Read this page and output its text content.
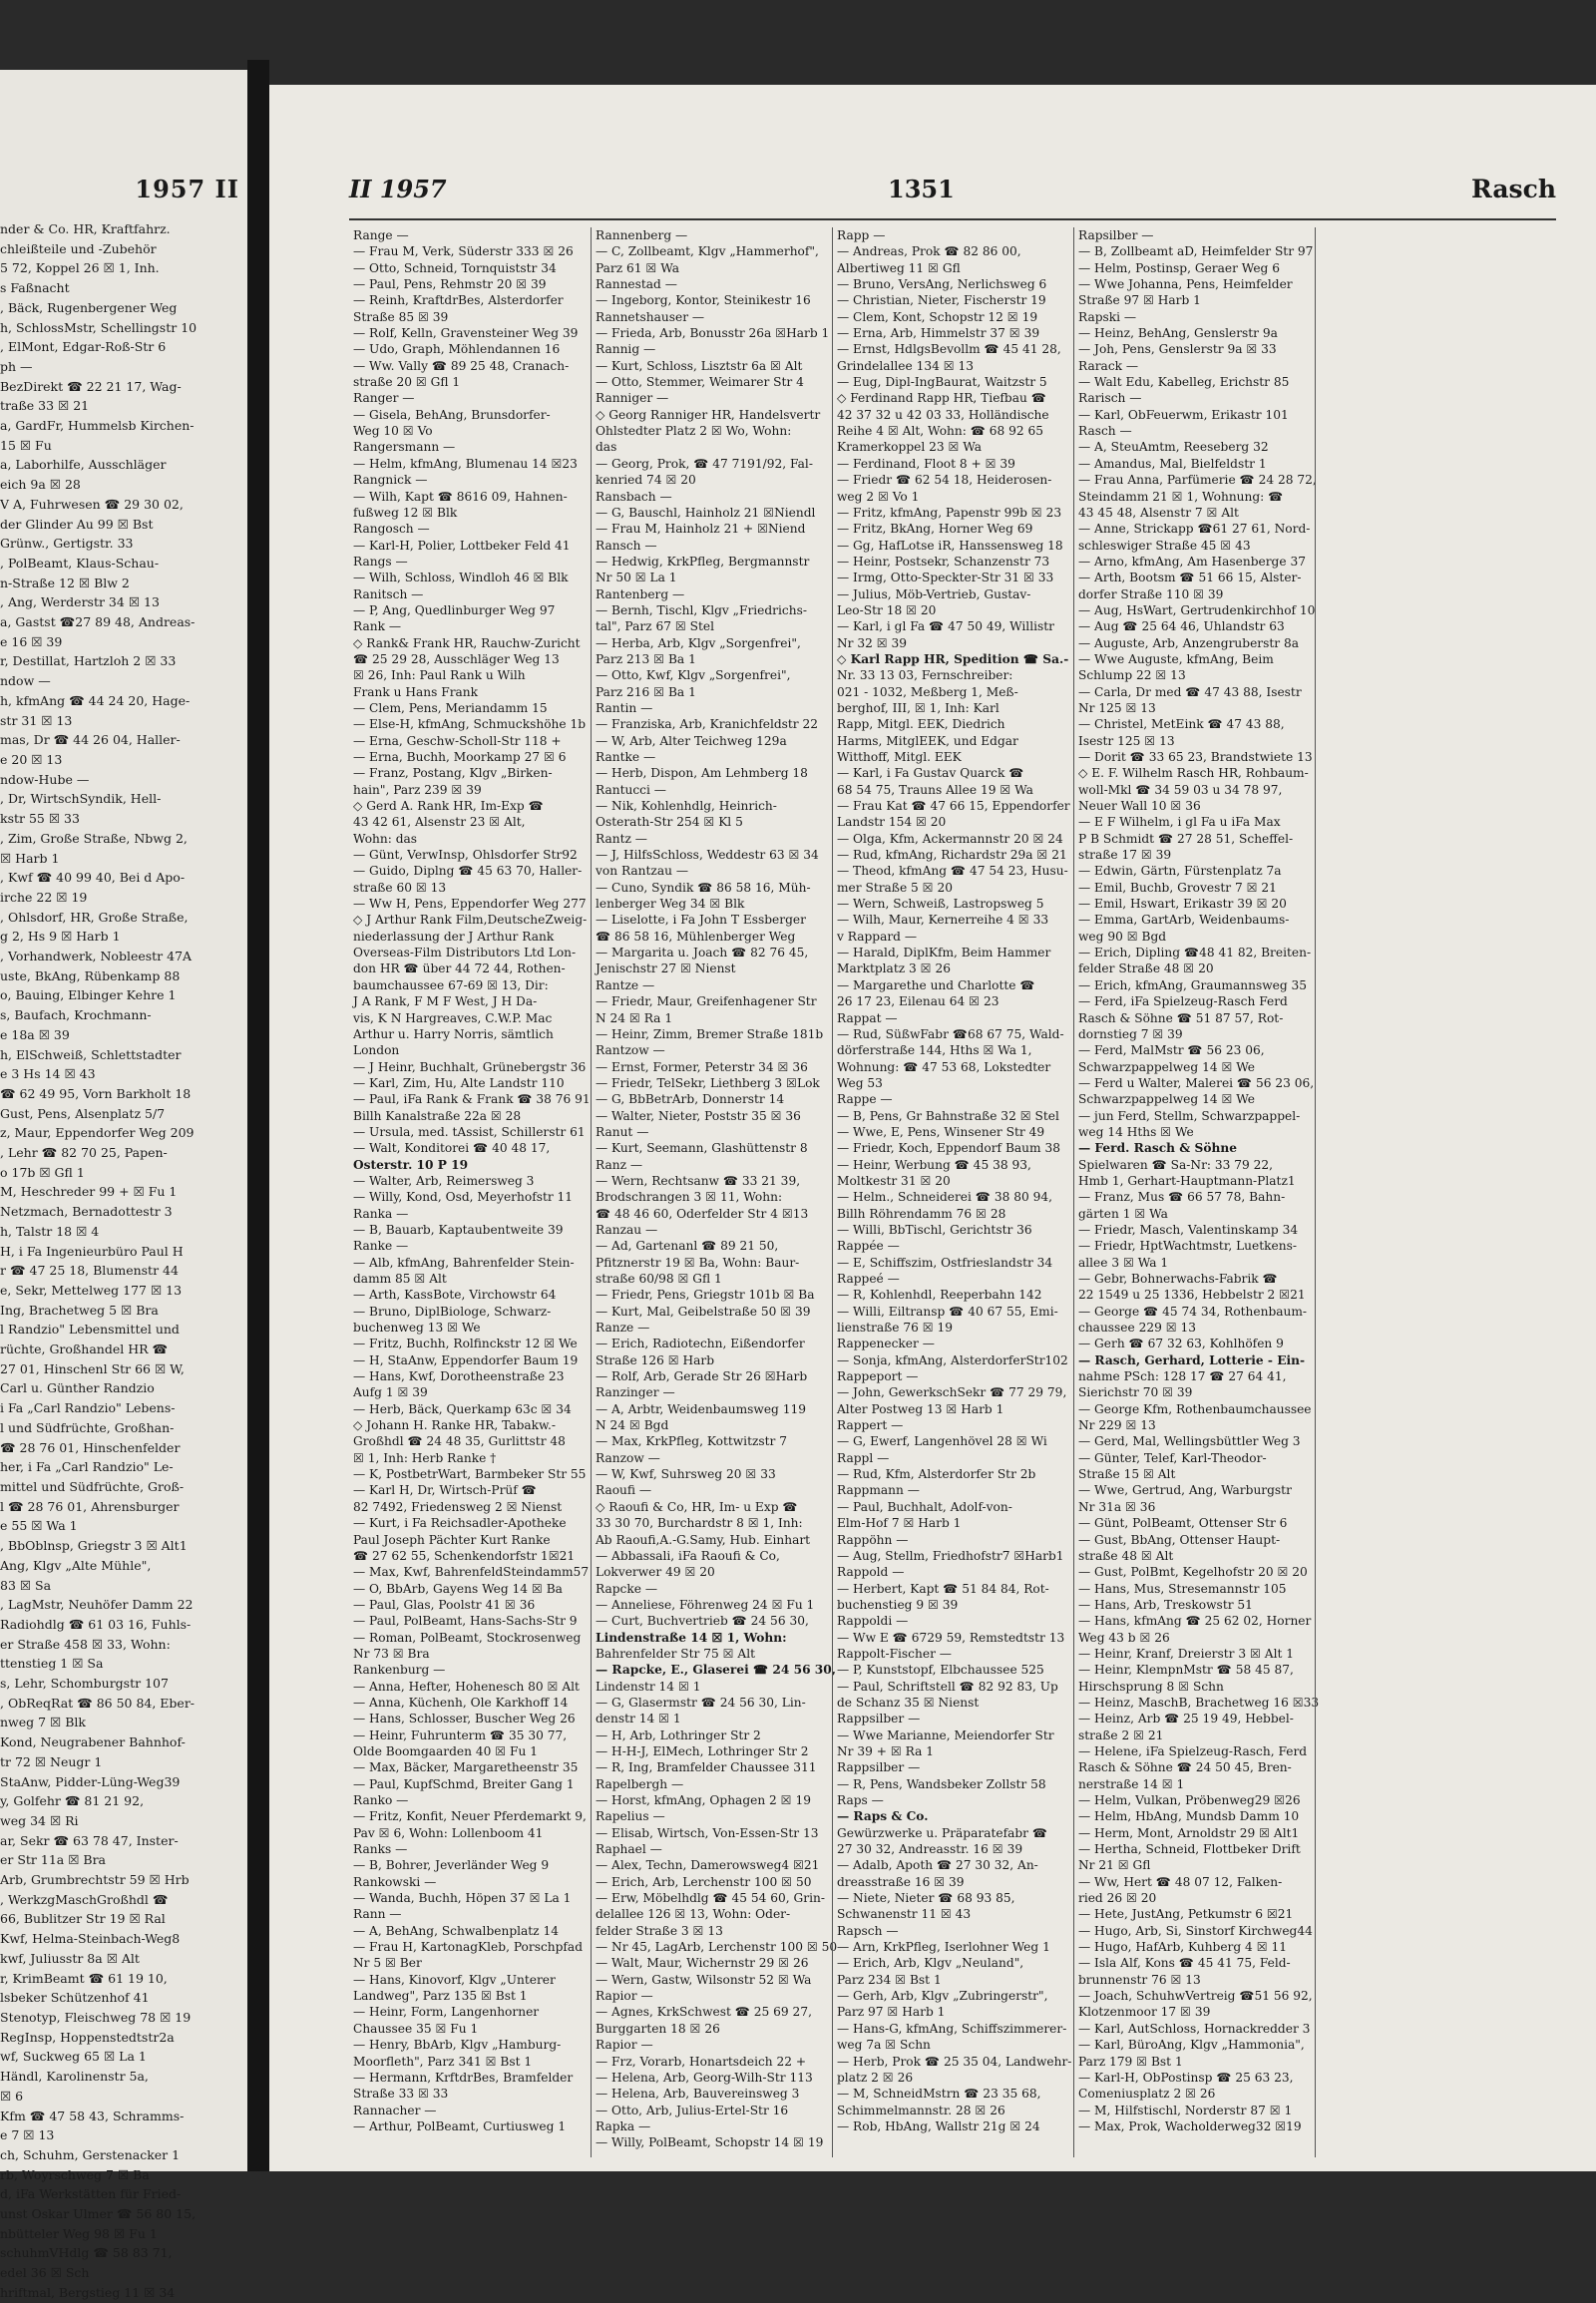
1957 II
nder & Co. HR, Kraftfahrz.
chleißteile und -Zubehör
5 72, Koppel 26 ☒ 1, Inh.
s Faßnacht
, Bäck, Rugenbergener Weg
h, SchlossMstr, Schellingstr 10
, ElMont, Edgar-Roß-Str 6
ph —
BezDirekt ☎ 22 21 17, Wag-
traße 33 ☒ 21
a, GardFr, Hummelsb Kirchen-
15 ☒ Fu
a, Laborhilfe, Ausschläger
eich 9a ☒ 28
V A, Fuhrwesen ☎ 29 30 02,
der Glinder Au 99 ☒ Bst
Grünw., Gertigstr. 33
, PolBeamt, Klaus-Schau-
n-Straße 12 ☒ Blw 2
, Ang, Werderstr 34 ☒ 13
a, Gastst ☎27 89 48, Andreas-
e 16 ☒ 39
r, Destillat, Hartzloh 2 ☒ 33
ndow —
h, kfmAng ☎ 44 24 20, Hage-
str 31 ☒ 13
mas, Dr ☎ 44 26 04, Haller-
e 20 ☒ 13
ndow-Hube —
, Dr, WirtschSyndik, Hell-
kstr 55 ☒ 33
, Zim, Große Straße, Nbwg 2,
☒ Harb 1
, Kwf ☎ 40 99 40, Bei d Apo-
irche 22 ☒ 19
, Ohlsdorf, HR, Große Straße,
g 2, Hs 9 ☒ Harb 1
, Vorhandwerk, Nobleestr 47A
uste, BkAng, Rübenkamp 88
o, Bauing, Elbinger Kehre 1
s, Baufach, Krochmann-
e 18a ☒ 39
h, ElSchweiß, Schlettstadter
e 3 Hs 14 ☒ 43
☎ 62 49 95, Vorn Barkholt 18
Gust, Pens, Alsenplatz 5/7
z, Maur, Eppendorfer Weg 209
, Lehr ☎ 82 70 25, Papen-
o 17b ☒ Gfl 1
M, Heschreder 99 + ☒ Fu 1
Netzmach, Bernadottestr 3
h, Talstr 18 ☒ 4
H, i Fa Ingenieurbüro Paul H
r ☎ 47 25 18, Blumenstr 44
e, Sekr, Mettelweg 177 ☒ 13
Ing, Brachetweg 5 ☒ Bra
l Randzio" Lebensmittel und
rüchte, Großhandel HR ☎
27 01, Hinschenl Str 66 ☒ W,
Carl u. Günther Randzio
i Fa „Carl Randzio" Lebens-
l und Südfrüchte, Großhan-
☎ 28 76 01, Hinschenfelder
her, i Fa „Carl Randzio" Le-
mittel und Südfrüchte, Groß-
l ☎ 28 76 01, Ahrensburger
e 55 ☒ Wa 1
, BbOblnsp, Griegstr 3 ☒ Alt1
Ang, Klgv „Alte Mühle",
83 ☒ Sa
, LagMstr, Neuhöfer Damm 22
Radiohdlg ☎ 61 03 16, Fuhls-
er Straße 458 ☒ 33, Wohn:
ttenstieg 1 ☒ Sa
s, Lehr, Schomburgstr 107
, ObReqRat ☎ 86 50 84, Eber-
nweg 7 ☒ Blk
Kond, Neugrabener Bahnhof-
tr 72 ☒ Neugr 1
StaAnw, Pidder-Lüng-Weg39
y, Golfehr ☎ 81 21 92,
weg 34 ☒ Ri
ar, Sekr ☎ 63 78 47, Inster-
er Str 11a ☒ Bra
Arb, Grumbrechtstr 59 ☒ Hrb
, WerkzgMaschGroßhdl ☎
66, Bublitzer Str 19 ☒ Ral
Kwf, Helma-Steinbach-Weg8
kwf, Juliusstr 8a ☒ Alt
r, KrimBeamt ☎ 61 19 10,
lsbeker Schützenhof 41
Stenotyp, Fleischweg 78 ☒ 19
RegInsp, Hoppenstedtstr2a
wf, Suckweg 65 ☒ La 1
Händl, Karolinenstr 5a,
☒ 6
Kfm ☎ 47 58 43, Schramms-
e 7 ☒ 13
ch, Schuhm, Gerstenacker 1
rb, Woyrschweg 7 ☒ Ba
d, iFa Werkstätten für Fried-
unst Oskar Ulmer ☎ 56 80 15,
nbütteler Weg 98 ☒ Fu 1
schuhmVHdlg ☎ 58 83 71,
edel 36 ☒ Sch
hriftmal, Bergstieg 11 ☒ 34
II 1957	1351	Rasch
Range —
— Frau M, Verk, Süderstr 333 ☒ 26
— Otto, Schneid, Tornquiststr 34
— Paul, Pens, Rehmstr 20 ☒ 39
— Reinh, KraftdrBes, Alsterdorfer
Straße 85 ☒ 39
— Rolf, Kelln, Gravensteiner Weg 39
— Udo, Graph, Möhlendannen 16
— Ww. Vally ☎ 89 25 48, Cranach-
straße 20 ☒ Gfl 1
Ranger —
— Gisela, BehAng, Brunsdorfer-
Weg 10 ☒ Vo
Rangersmann —
— Helm, kfmAng, Blumenau 14 ☒23
Rangnick —
— Wilh, Kapt ☎ 8616 09, Hahnen-
fußweg 12 ☒ Blk
Rangosch —
— Karl-H, Polier, Lottbeker Feld 41
Rangs —
— Wilh, Schloss, Windloh 46 ☒ Blk
Ranitsch —
— P, Ang, Quedlinburger Weg 97
Rank —
◇ Rank& Frank HR, Rauchw-Zuricht
☎ 25 29 28, Ausschläger Weg 13
☒ 26, Inh: Paul Rank u Wilh
Frank u Hans Frank
— Clem, Pens, Meriandamm 15
— Else-H, kfmAng, Schmuckshöhe 1b
— Erna, Geschw-Scholl-Str 118 +
— Erna, Buchh, Moorkamp 27 ☒ 6
— Franz, Postang, Klgv „Birken-
hain", Parz 239 ☒ 39
◇ Gerd A. Rank HR, Im-Exp ☎
43 42 61, Alsenstr 23 ☒ Alt,
Wohn: das
— Günt, VerwInsp, Ohlsdorfer Str92
— Guido, Diplng ☎ 45 63 70, Haller-
straße 60 ☒ 13
— Ww H, Pens, Eppendorfer Weg 277
◇ J Arthur Rank Film,DeutscheZweig-
niederlassung der J Arthur Rank
Overseas-Film Distributors Ltd Lon-
don HR ☎ über 44 72 44, Rothen-
baumchaussee 67-69 ☒ 13, Dir:
J A Rank, F M F West, J H Da-
vis, K N Hargreaves, C.W.P. Mac
Arthur u. Harry Norris, sämtlich
London
— J Heinr, Buchhalt, Grünebergstr 36
— Karl, Zim, Hu, Alte Landstr 110
— Paul, iFa Rank & Frank ☎ 38 76 91
Billh Kanalstraße 22a ☒ 28
— Ursula, med. tAssist, Schillerstr 61
— Walt, Konditorei ☎ 40 48 17,
Osterstr. 10 P 19
— Walter, Arb, Reimersweg 3
— Willy, Kond, Osd, Meyerhofstr 11
Ranka —
— B, Bauarb, Kaptaubentweite 39
Ranke —
— Alb, kfmAng, Bahrenfelder Stein-
damm 85 ☒ Alt
— Arth, KassBote, Virchowstr 64
— Bruno, DiplBiologe, Schwarz-
buchenweg 13 ☒ We
— Fritz, Buchh, Rolfinckstr 12 ☒ We
— H, StaAnw, Eppendorfer Baum 19
— Hans, Kwf, Dorotheenstraße 23
Aufg 1 ☒ 39
— Herb, Bäck, Querkamp 63c ☒ 34
◇ Johann H. Ranke HR, Tabakw.-
Großhdl ☎ 24 48 35, Gurlittstr 48
☒ 1, Inh: Herb Ranke †
— K, PostbetrWart, Barmbeker Str 55
— Karl H, Dr, Wirtsch-Prüf ☎
82 7492, Friedensweg 2 ☒ Nienst
— Kurt, i Fa Reichsadler-Apotheke
Paul Joseph Pächter Kurt Ranke
☎ 27 62 55, Schenkendorfstr 1☒21
— Max, Kwf, BahrenfeldSteindamm57
— O, BbArb, Gayens Weg 14 ☒ Ba
— Paul, Glas, Poolstr 41 ☒ 36
— Paul, PolBeamt, Hans-Sachs-Str 9
— Roman, PolBeamt, Stockrosenweg
Nr 73 ☒ Bra
Rankenburg —
— Anna, Hefter, Hohenesch 80 ☒ Alt
— Anna, Küchenh, Ole Karkhoff 14
— Hans, Schlosser, Buscher Weg 26
— Heinr, Fuhrunterm ☎ 35 30 77,
Olde Boomgaarden 40 ☒ Fu 1
— Max, Bäcker, Margaretheenstr 35
— Paul, KupfSchmd, Breiter Gang 1
Ranko —
— Fritz, Konfit, Neuer Pferdemarkt 9,
Pav ☒ 6, Wohn: Lollenboom 41
Ranks —
— B, Bohrer, Jeverländer Weg 9
Rankowski —
— Wanda, Buchh, Höpen 37 ☒ La 1
Rann —
— A, BehAng, Schwalbenplatz 14
— Frau H, KartonagKleb, Porschpfad
Nr 5 ☒ Ber
— Hans, Kinovorf, Klgv „Unterer
Landweg", Parz 135 ☒ Bst 1
— Heinr, Form, Langenhorner
Chaussee 35 ☒ Fu 1
— Henry, BbArb, Klgv „Hamburg-
Moorfleth", Parz 341 ☒ Bst 1
— Hermann, KrftdrBes, Bramfelder
Straße 33 ☒ 33
Rannacher —
— Arthur, PolBeamt, Curtiusweg 1
Rannenberg —
— C, Zollbeamt, Klgv „Hammerhof",
Parz 61 ☒ Wa
Rannestad —
— Ingeborg, Kontor, Steinikestr 16
Rannetshauser —
— Frieda, Arb, Bonusstr 26a ☒Harb 1
Rannig —
— Kurt, Schloss, Lisztstr 6a ☒ Alt
— Otto, Stemmer, Weimarer Str 4
Ranniger —
◇ Georg Ranniger HR, Handelsvertr
Ohlstedter Platz 2 ☒ Wo, Wohn:
das
— Georg, Prok, ☎ 47 7191/92, Fal-
kenried 74 ☒ 20
Ransbach —
— G, Bauschl, Hainholz 21 ☒Niendl
— Frau M, Hainholz 21 + ☒Niend
Ransch —
— Hedwig, KrkPfleg, Bergmannstr
Nr 50 ☒ La 1
Rantenberg —
— Bernh, Tischl, Klgv „Friedrichs-
tal", Parz 67 ☒ Stel
— Herba, Arb, Klgv „Sorgenfrei",
Parz 213 ☒ Ba 1
— Otto, Kwf, Klgv „Sorgenfrei",
Parz 216 ☒ Ba 1
Rantin —
— Franziska, Arb, Kranichfeldstr 22
— W, Arb, Alter Teichweg 129a
Rantke —
— Herb, Dispon, Am Lehmberg 18
Rantucci —
— Nik, Kohlenhdlg, Heinrich-
Osterath-Str 254 ☒ Kl 5
Rantz —
— J, HilfsSchloss, Weddestr 63 ☒ 34
von Rantzau —
— Cuno, Syndik ☎ 86 58 16, Müh-
lenberger Weg 34 ☒ Blk
— Liselotte, i Fa John T Essberger
☎ 86 58 16, Mühlenberger Weg
— Margarita u. Joach ☎ 82 76 45,
Jenischstr 27 ☒ Nienst
Rantze —
— Friedr, Maur, Greifenhagener Str
N 24 ☒ Ra 1
— Heinr, Zimm, Bremer Straße 181b
Rantzow —
— Ernst, Former, Peterstr 34 ☒ 36
— Friedr, TelSekr, Liethberg 3 ☒Lok
— G, BbBetrArb, Donnerstr 14
— Walter, Nieter, Poststr 35 ☒ 36
Ranut —
— Kurt, Seemann, Glashüttenstr 8
Ranz —
— Wern, Rechtsanw ☎ 33 21 39,
Brodschrangen 3 ☒ 11, Wohn:
☎ 48 46 60, Oderfelder Str 4 ☒13
Ranzau —
— Ad, Gartenanl ☎ 89 21 50,
Pfitznerstr 19 ☒ Ba, Wohn: Baur-
straße 60/98 ☒ Gfl 1
— Friedr, Pens, Griegstr 101b ☒ Ba
— Kurt, Mal, Geibelstraße 50 ☒ 39
Ranze —
— Erich, Radiotechn, Eißendorfer
Straße 126 ☒ Harb
— Rolf, Arb, Gerade Str 26 ☒Harb
Ranzinger —
— A, Arbtr, Weidenbaumsweg 119
N 24 ☒ Bgd
— Max, KrkPfleg, Kottwitzstr 7
Ranzow —
— W, Kwf, Suhrsweg 20 ☒ 33
Raoufi —
◇ Raoufi & Co, HR, Im- u Exp ☎
33 30 70, Burchardstr 8 ☒ 1, Inh:
Ab Raoufi,A.-G.Samy, Hub. Einhart
— Abbassali, iFa Raoufi & Co,
Lokverwer 49 ☒ 20
Rapcke —
— Anneliese, Föhrenweg 24 ☒ Fu 1
— Curt, Buchvertrieb ☎ 24 56 30,
Lindenstraße 14 ☒ 1, Wohn:
Bahrenfelder Str 75 ☒ Alt
— Rapcke, E., Glaserei ☎ 24 56 30,
Lindenstr 14 ☒ 1
— G, Glasermstr ☎ 24 56 30, Lin-
denstr 14 ☒ 1
— H, Arb, Lothringer Str 2
— H-H-J, ElMech, Lothringer Str 2
— R, Ing, Bramfelder Chaussee 311
Rapelbergh —
— Horst, kfmAng, Ophagen 2 ☒ 19
Rapelius —
— Elisab, Wirtsch, Von-Essen-Str 13
Raphael —
— Alex, Techn, Damerowsweg4 ☒21
— Erich, Arb, Lerchenstr 100 ☒ 50
— Erw, Möbelhdlg ☎ 45 54 60, Grin-
delallee 126 ☒ 13, Wohn: Oder-
felder Straße 3 ☒ 13
— Nr 45, LagArb, Lerchenstr 100 ☒ 50
— Walt, Maur, Wichernstr 29 ☒ 26
— Wern, Gastw, Wilsonstr 52 ☒ Wa
Rapior —
— Agnes, KrkSchwest ☎ 25 69 27,
Burggarten 18 ☒ 26
Rapior —
— Frz, Vorarb, Honartsdeich 22 +
— Helena, Arb, Georg-Wilh-Str 113
— Helena, Arb, Bauvereinsweg 3
— Otto, Arb, Julius-Ertel-Str 16
Rapka —
— Willy, PolBeamt, Schopstr 14 ☒ 19
Rapp —
— Andreas, Prok ☎ 82 86 00,
Albertiweg 11 ☒ Gfl
— Bruno, VersAng, Nerlichsweg 6
— Christian, Nieter, Fischerstr 19
— Clem, Kont, Schopstr 12 ☒ 19
— Erna, Arb, Himmelstr 37 ☒ 39
— Ernst, HdlgsBevollm ☎ 45 41 28,
Grindelallee 134 ☒ 13
— Eug, Dipl-IngBaurat, Waitzstr 5
◇ Ferdinand Rapp HR, Tiefbau ☎
42 37 32 u 42 03 33, Holländische
Reihe 4 ☒ Alt, Wohn: ☎ 68 92 65
Kramerkoppel 23 ☒ Wa
— Ferdinand, Floot 8 + ☒ 39
— Friedr ☎ 62 54 18, Heiderosen-
weg 2 ☒ Vo 1
— Fritz, kfmAng, Papenstr 99b ☒ 23
— Fritz, BkAng, Horner Weg 69
— Gg, HafLotse iR, Hanssensweg 18
— Heinr, Postsekr, Schanzenstr 73
— Irmg, Otto-Speckter-Str 31 ☒ 33
— Julius, Möb-Vertrieb, Gustav-
Leo-Str 18 ☒ 20
— Karl, i gl Fa ☎ 47 50 49, Willistr
Nr 32 ☒ 39
◇ Karl Rapp HR, Spedition ☎ Sa.-
Nr. 33 13 03, Fernschreiber:
021 - 1032, Meßberg 1, Meß-
berghof, III, ☒ 1, Inh: Karl
Rapp, Mitgl. EEK, Diedrich
Harms, MitglEEK, und Edgar
Witthoff, Mitgl. EEK
— Karl, i Fa Gustav Quarck ☎
68 54 75, Trauns Allee 19 ☒ Wa
— Frau Kat ☎ 47 66 15, Eppendorfer
Landstr 154 ☒ 20
— Olga, Kfm, Ackermannstr 20 ☒ 24
— Rud, kfmAng, Richardstr 29a ☒ 21
— Theod, kfmAng ☎ 47 54 23, Husu-
mer Straße 5 ☒ 20
— Wern, Schweiß, Lastropsweg 5
— Wilh, Maur, Kernerreihe 4 ☒ 33
v Rappard —
— Harald, DiplKfm, Beim Hammer
Marktplatz 3 ☒ 26
— Margarethe und Charlotte ☎
26 17 23, Eilenau 64 ☒ 23
Rappat —
— Rud, SüßwFabr ☎68 67 75, Wald-
dörferstraße 144, Hths ☒ Wa 1,
Wohnung: ☎ 47 53 68, Lokstedter
Weg 53
Rappe —
— B, Pens, Gr Bahnstraße 32 ☒ Stel
— Wwe, E, Pens, Winsener Str 49
— Friedr, Koch, Eppendorf Baum 38
— Heinr, Werbung ☎ 45 38 93,
Moltkestr 31 ☒ 20
— Helm., Schneiderei ☎ 38 80 94,
Billh Röhrendamm 76 ☒ 28
— Willi, BbTischl, Gerichtstr 36
Rappée —
— E, Schiffszim, Ostfrieslandstr 34
Rappeé —
— R, Kohlenhdl, Reeperbahn 142
— Willi, Eiltransp ☎ 40 67 55, Emi-
lienstraße 76 ☒ 19
Rappenecker —
— Sonja, kfmAng, AlsterdorferStr102
Rappeport —
— John, GewerkschSekr ☎ 77 29 79,
Alter Postweg 13 ☒ Harb 1
Rappert —
— G, Ewerf, Langenhövel 28 ☒ Wi
Rappl —
— Rud, Kfm, Alsterdorfer Str 2b
Rappmann —
— Paul, Buchhalt, Adolf-von-
Elm-Hof 7 ☒ Harb 1
Rappöhn —
— Aug, Stellm, Friedhofstr7 ☒Harb1
Rappold —
— Herbert, Kapt ☎ 51 84 84, Rot-
buchenstieg 9 ☒ 39
Rappoldi —
— Ww E ☎ 6729 59, Remstedtstr 13
Rappolt-Fischer —
— P, Kunststopf, Elbchaussee 525
— Paul, Schriftstell ☎ 82 92 83, Up
de Schanz 35 ☒ Nienst
Rappsilber —
— Wwe Marianne, Meiendorfer Str
Nr 39 + ☒ Ra 1
Rappsilber —
— R, Pens, Wandsbeker Zollstr 58
Raps —
— Raps & Co.
Gewürzwerke u. Präparatefabr ☎
27 30 32, Andreasstr. 16 ☒ 39
— Adalb, Apoth ☎ 27 30 32, An-
dreasstraße 16 ☒ 39
— Niete, Nieter ☎ 68 93 85,
Schwanenstr 11 ☒ 43
Rapsch —
— Arn, KrkPfleg, Iserlohner Weg 1
— Erich, Arb, Klgv „Neuland",
Parz 234 ☒ Bst 1
— Gerh, Arb, Klgv „Zubringerstr",
Parz 97 ☒ Harb 1
— Hans-G, kfmAng, Schiffszimmerer-
weg 7a ☒ Schn
— Herb, Prok ☎ 25 35 04, Landwehr-
platz 2 ☒ 26
— M, SchneidMstrn ☎ 23 35 68,
Schimmelmannstr. 28 ☒ 26
— Rob, HbAng, Wallstr 21g ☒ 24
Rapsilber —
— B, Zollbeamt aD, Heimfelder Str 97
— Helm, Postinsp, Geraer Weg 6
— Wwe Johanna, Pens, Heimfelder
Straße 97 ☒ Harb 1
Rapski —
— Heinz, BehAng, Genslerstr 9a
— Joh, Pens, Genslerstr 9a ☒ 33
Rarack —
— Walt Edu, Kabelleg, Erichstr 85
Rarisch —
— Karl, ObFeuerwm, Erikastr 101
Rasch —
— A, SteuAmtm, Reeseberg 32
— Amandus, Mal, Bielfeldstr 1
— Frau Anna, Parfümerie ☎ 24 28 72,
Steindamm 21 ☒ 1, Wohnung: ☎
43 45 48, Alsenstr 7 ☒ Alt
— Anne, Strickapp ☎61 27 61, Nord-
schleswiger Straße 45 ☒ 43
— Arno, kfmAng, Am Hasenberge 37
— Arth, Bootsm ☎ 51 66 15, Alster-
dorfer Straße 110 ☒ 39
— Aug, HsWart, Gertrudenkirchhof 10
— Aug ☎ 25 64 46, Uhlandstr 63
— Auguste, Arb, Anzengruberstr 8a
— Wwe Auguste, kfmAng, Beim
Schlump 22 ☒ 13
— Carla, Dr med ☎ 47 43 88, Isestr
Nr 125 ☒ 13
— Christel, MetEink ☎ 47 43 88,
Isestr 125 ☒ 13
— Dorit ☎ 33 65 23, Brandstwiete 13
◇ E. F. Wilhelm Rasch HR, Rohbaum-
woll-Mkl ☎ 34 59 03 u 34 78 97,
Neuer Wall 10 ☒ 36
— E F Wilhelm, i gl Fa u iFa Max
P B Schmidt ☎ 27 28 51, Scheffel-
straße 17 ☒ 39
— Edwin, Gärtn, Fürstenplatz 7a
— Emil, Buchb, Grovestr 7 ☒ 21
— Emil, Hswart, Erikastr 39 ☒ 20
— Emma, GartArb, Weidenbaums-
weg 90 ☒ Bgd
— Erich, Dipling ☎48 41 82, Breiten-
felder Straße 48 ☒ 20
— Erich, kfmAng, Graumannsweg 35
— Ferd, iFa Spielzeug-Rasch Ferd
Rasch & Söhne ☎ 51 87 57, Rot-
dornstieg 7 ☒ 39
— Ferd, MalMstr ☎ 56 23 06,
Schwarzpappelweg 14 ☒ We
— Ferd u Walter, Malerei ☎ 56 23 06,
Schwarzpappelweg 14 ☒ We
— jun Ferd, Stellm, Schwarzpappel-
weg 14 Hths ☒ We
— Ferd. Rasch & Söhne
Spielwaren ☎ Sa-Nr: 33 79 22,
Hmb 1, Gerhart-Hauptmann-Platz1
— Franz, Mus ☎ 66 57 78, Bahn-
gärten 1 ☒ Wa
— Friedr, Masch, Valentinskamp 34
— Friedr, HptWachtmstr, Luetkens-
allee 3 ☒ Wa 1
— Gebr, Bohnerwachs-Fabrik ☎
22 1549 u 25 1336, Hebbelstr 2 ☒21
— George ☎ 45 74 34, Rothenbaum-
chaussee 229 ☒ 13
— Gerh ☎ 67 32 63, Kohlhöfen 9
— Rasch, Gerhard, Lotterie - Ein-
nahme PSch: 128 17 ☎ 27 64 41,
Sierichstr 70 ☒ 39
— George Kfm, Rothenbaumchaussee
Nr 229 ☒ 13
— Gerd, Mal, Wellingsbüttler Weg 3
— Günter, Telef, Karl-Theodor-
Straße 15 ☒ Alt
— Wwe, Gertrud, Ang, Warburgstr
Nr 31a ☒ 36
— Günt, PolBeamt, Ottenser Str 6
— Gust, BbAng, Ottenser Haupt-
straße 48 ☒ Alt
— Gust, PolBmt, Kegelhofstr 20 ☒ 20
— Hans, Mus, Stresemannstr 105
— Hans, Arb, Treskowstr 51
— Hans, kfmAng ☎ 25 62 02, Horner
Weg 43 b ☒ 26
— Heinr, Kranf, Dreierstr 3 ☒ Alt 1
— Heinr, KlempnMstr ☎ 58 45 87,
Hirschsprung 8 ☒ Schn
— Heinz, MaschB, Brachetweg 16 ☒33
— Heinz, Arb ☎ 25 19 49, Hebbel-
straße 2 ☒ 21
— Helene, iFa Spielzeug-Rasch, Ferd
Rasch & Söhne ☎ 24 50 45, Bren-
nerstraße 14 ☒ 1
— Helm, Vulkan, Pröbenweg29 ☒26
— Helm, HbAng, Mundsb Damm 10
— Herm, Mont, Arnoldstr 29 ☒ Alt1
— Hertha, Schneid, Flottbeker Drift
Nr 21 ☒ Gfl
— Ww, Hert ☎ 48 07 12, Falken-
ried 26 ☒ 20
— Hete, JustAng, Petkumstr 6 ☒21
— Hugo, Arb, Si, Sinstorf Kirchweg44
— Hugo, HafArb, Kuhberg 4 ☒ 11
— Isla Alf, Kons ☎ 45 41 75, Feld-
brunnenstr 76 ☒ 13
— Joach, SchuhwVertreig ☎51 56 92,
Klotzenmoor 17 ☒ 39
— Karl, AutSchloss, Hornackredder 3
— Karl, BüroAng, Klgv „Hammonia",
Parz 179 ☒ Bst 1
— Karl-H, ObPostinsp ☎ 25 63 23,
Comeniusplatz 2 ☒ 26
— M, Hilfstischl, Norderstr 87 ☒ 1
— Max, Prok, Wacholderweg32 ☒19
